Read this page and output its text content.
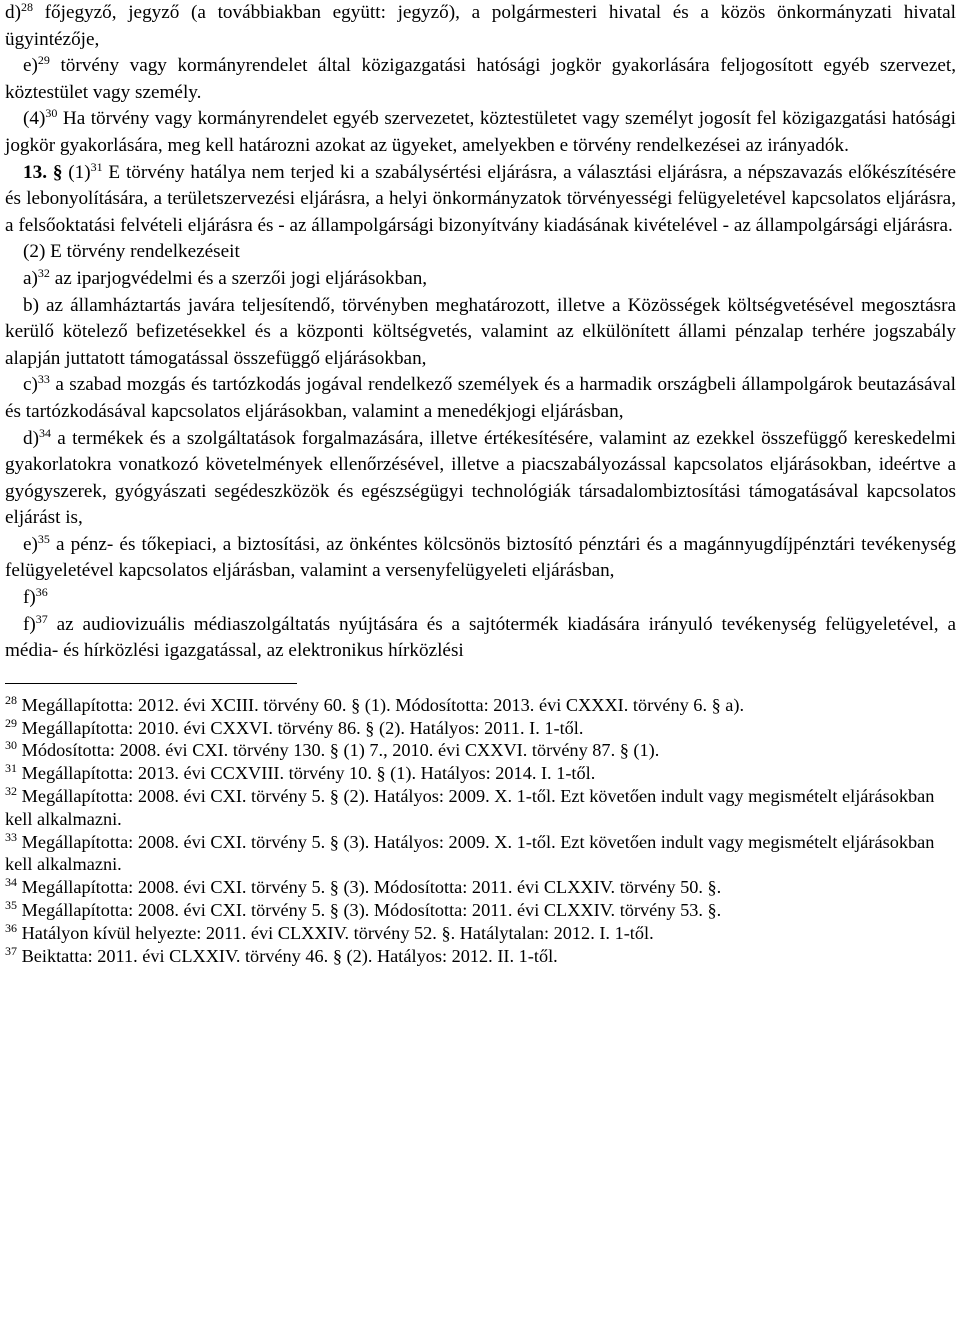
d)$^{28}$ főjegyző, jegyző (a továbbiakban együtt: jegyző), a polgármesteri hivatal és a közös önkormányzati hivatal ügyintézője,

e)$^{29}$ törvény vagy kormányrendelet által közigazgatási hatósági jogkör gyakorlására feljogosított egyéb szervezet, köztestület vagy személy.

$(4)^{30}$ Ha törvény vagy kormányrendelet egyéb szervezetet, köztestületet vagy személyt jogosít fel közigazgatási hatósági jogkör gyakorlására, meg kell határozni azokat az ügyeket, amelyekben e törvény rendelkezései az irányadók.

13. § $(1)^{31}$ E törvény hatálya nem terjed ki a szabálysértési eljárásra, a választási eljárásra, a népszavazás előkészítésére és lebonyolítására, a területszervezési eljárásra, a helyi önkormányzatok törvényességi felügyeletével kapcsolatos eljárásra, a felsőoktatási felvételi eljárásra és - az állampolgársági bizonyítvány kiadásának kivételével - az állampolgársági eljárásra.

(2) E törvény rendelkezéseit

a)$^{32}$ az iparjogvédelmi és a szerzői jogi eljárásokban,

b) az államháztartás javára teljesítendő, törvényben meghatározott, illetve a Közösségek költségvetésével megosztásra kerülő kötelező befizetésekkel és a központi költségvetés, valamint az elkülönített állami pénzalap terhére jogszabály alapján juttatott támogatással összefüggő eljárásokban,

c)$^{33}$ a szabad mozgás és tartózkodás jogával rendelkező személyek és a harmadik országbeli állampolgárok beutazásával és tartózkodásával kapcsolatos eljárásokban, valamint a menedékjogi eljárásban,

d)$^{34}$ a termékek és a szolgáltatások forgalmazására, illetve értékesítésére, valamint az ezekkel összefüggő kereskedelmi gyakorlatokra vonatkozó követelmények ellenőrzésével, illetve a piacszabályozással kapcsolatos eljárásokban, ideértve a gyógyszerek, gyógyászati segédeszközök és egészségügyi technológiák társadalombiztosítási támogatásával kapcsolatos eljárást is,

e)$^{35}$ a pénz- és tőkepiaci, a biztosítási, az önkéntes kölcsönös biztosító pénztári és a magánnyugdíjpénztári tevékenység felügyeletével kapcsolatos eljárásban, valamint a versenyfelügyeleti eljárásban,

f)$^{36}$

f)$^{37}$ az audiovizuális médiaszolgáltatás nyújtására és a sajtótermék kiadására irányuló tevékenység felügyeletével, a média- és hírközlési igazgatással, az elektronikus hírközlési

$^{28}$ Megállapította: 2012. évi XCIII. törvény 60. § (1). Módosította: 2013. évi CXXXI. törvény 6. § a).

$^{29}$ Megállapította: 2010. évi CXXVI. törvény 86. § (2). Hatályos: 2011. I. 1-től.

$^{30}$ Módosította: 2008. évi CXI. törvény 130. § (1) 7., 2010. évi CXXVI. törvény 87. § (1).

$^{31}$ Megállapította: 2013. évi CCXVIII. törvény 10. § (1). Hatályos: 2014. I. 1-től.

$^{32}$ Megállapította: 2008. évi CXI. törvény 5. § (2). Hatályos: 2009. X. 1-től. Ezt követően indult vagy megismételt eljárásokban kell alkalmazni.

$^{33}$ Megállapította: 2008. évi CXI. törvény 5. § (3). Hatályos: 2009. X. 1-től. Ezt követően indult vagy megismételt eljárásokban kell alkalmazni.

$^{34}$ Megállapította: 2008. évi CXI. törvény 5. § (3). Módosította: 2011. évi CLXXIV. törvény 50. §.

$^{35}$ Megállapította: 2008. évi CXI. törvény 5. § (3). Módosította: 2011. évi CLXXIV. törvény 53. §.

$^{36}$ Hatályon kívül helyezte: 2011. évi CLXXIV. törvény 52. §. Hatálytalan: 2012. I. 1-től.

$^{37}$ Beiktatta: 2011. évi CLXXIV. törvény 46. § (2). Hatályos: 2012. II. 1-től.
